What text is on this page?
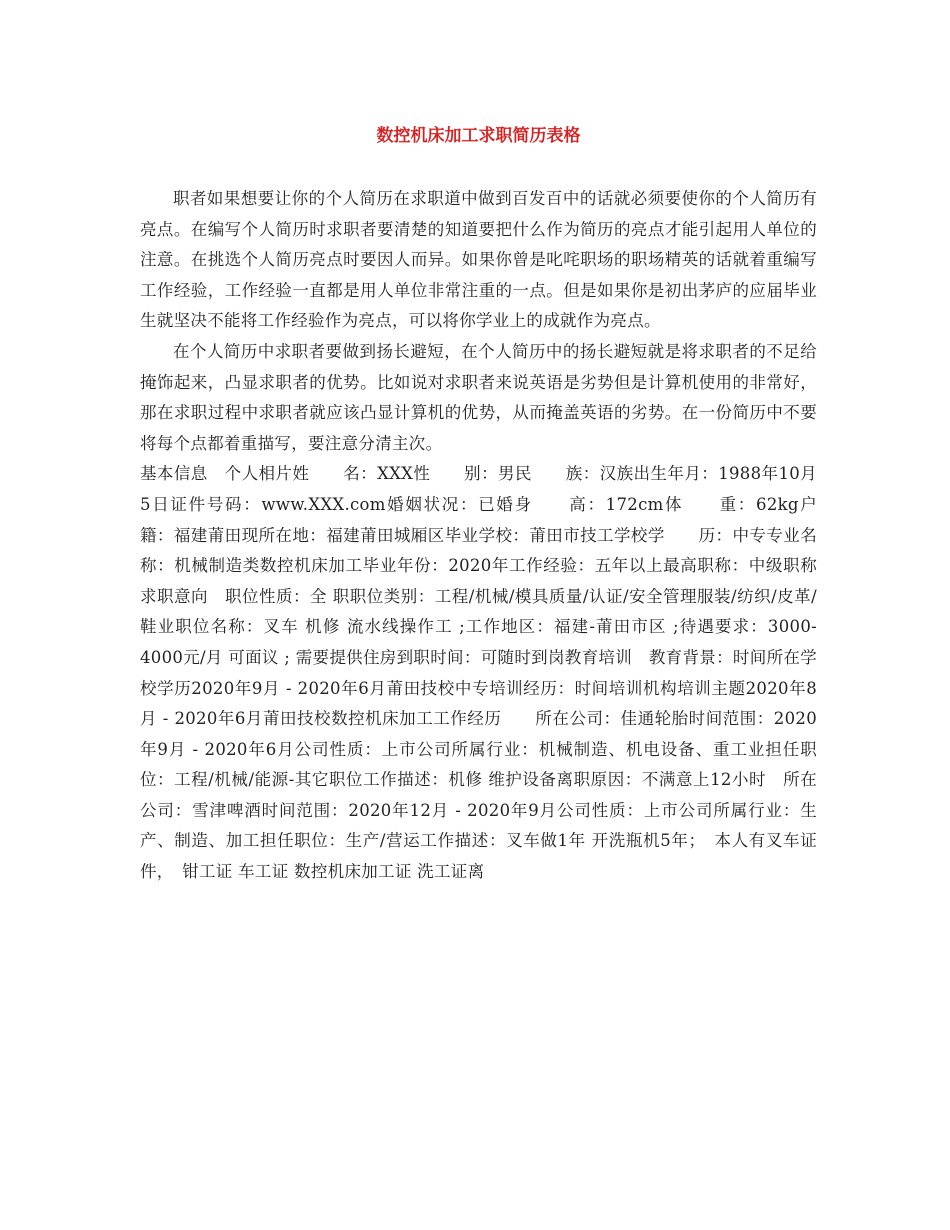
数控机床加工求职简历表格

职者如果想要让你的个人简历在求职道中做到百发百中的话就必须要使你的个人简历有亮点。在编写个人简历时求职者要清楚的知道要把什么作为简历的亮点才能引起用人单位的注意。在挑选个人简历亮点时要因人而异。如果你曾是叱咤职场的职场精英的话就着重编写工作经验，工作经验一直都是用人单位非常注重的一点。但是如果你是初出茅庐的应届毕业生就坚决不能将工作经验作为亮点，可以将你学业上的成就作为亮点。

在个人简历中求职者要做到扬长避短，在个人简历中的扬长避短就是将求职者的不足给掩饰起来，凸显求职者的优势。比如说对求职者来说英语是劣势但是计算机使用的非常好，那在求职过程中求职者就应该凸显计算机的优势，从而掩盖英语的劣势。在一份简历中不要将每个点都着重描写，要注意分清主次。

基本信息　个人相片姓　　名：XXX性　　别：男民　　族：汉族出生年月：1988年10月5日证件号码：www.XXX.com婚姻状况：已婚身　　高：172cm体　　重：62kg户　　籍：福建莆田现所在地：福建莆田城厢区毕业学校：莆田市技工学校学　　历：中专专业名称：机械制造类数控机床加工毕业年份：2020年工作经验：五年以上最高职称：中级职称求职意向　职位性质：全 职职位类别：工程/机械/模具质量/认证/安全管理服装/纺织/皮革/鞋业职位名称：叉车 机修 流水线操作工 ;工作地区：福建-莆田市区 ;待遇要求：3000-4000元/月 可面议 ; 需要提供住房到职时间：可随时到岗教育培训　教育背景：时间所在学校学历2020年9月 - 2020年6月莆田技校中专培训经历：时间培训机构培训主题2020年8月 - 2020年6月莆田技校数控机床加工工作经历　　所在公司：佳通轮胎时间范围：2020年9月 - 2020年6月公司性质：上市公司所属行业：机械制造、机电设备、重工业担任职位：工程/机械/能源-其它职位工作描述：机修 维护设备离职原因：不满意上12小时　所在公司：雪津啤酒时间范围：2020年12月 - 2020年9月公司性质：上市公司所属行业：生产、制造、加工担任职位：生产/营运工作描述：叉车做1年 开洗瓶机5年；　本人有叉车证件，　钳工证 车工证 数控机床加工证 洗工证离
